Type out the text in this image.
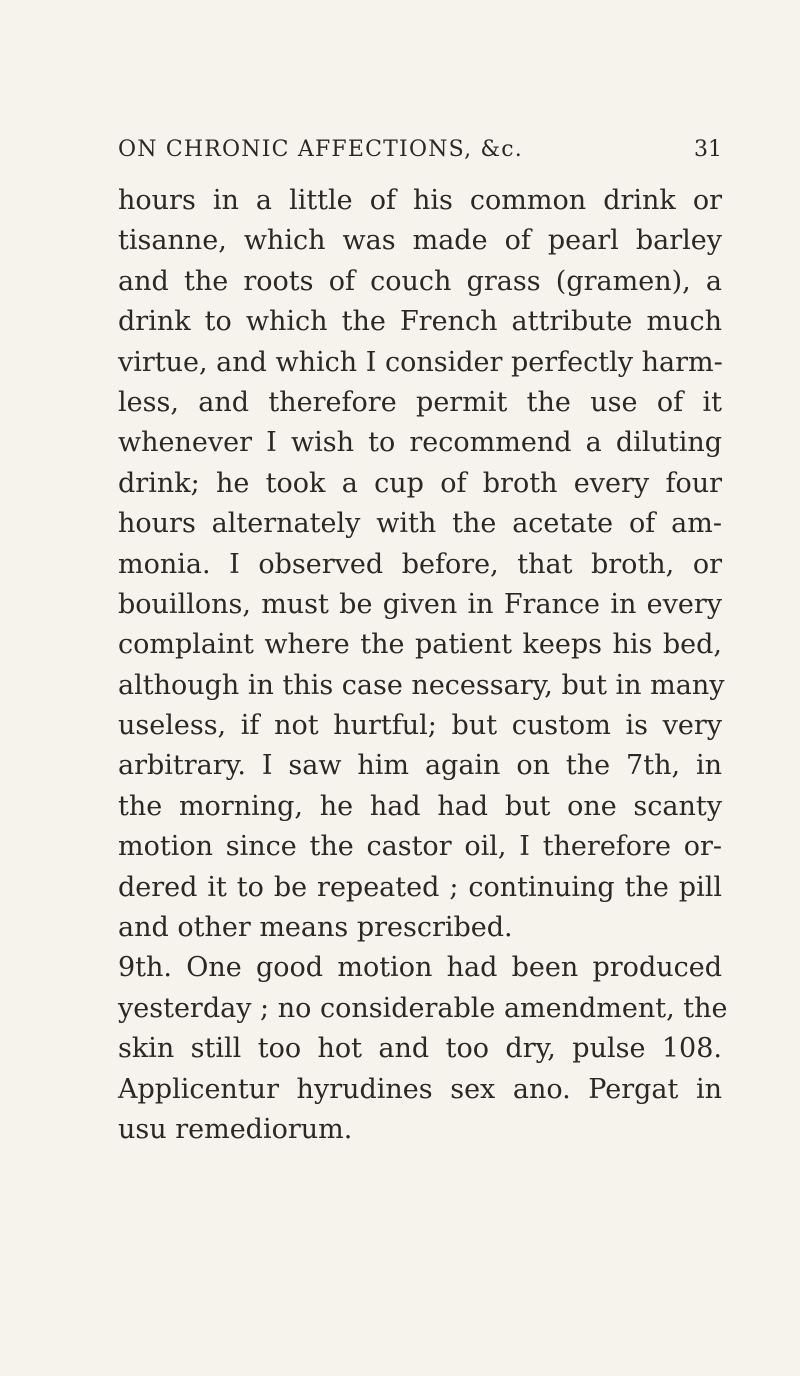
ON CHRONIC AFFECTIONS, &c.	31
hours in a little of his common drink or
tisanne, which was made of pearl barley
and the roots of couch grass (gramen), a
drink to which the French attribute much
virtue, and which I consider perfectly harm-
less, and therefore permit the use of it
whenever I wish to recommend a diluting
drink; he took a cup of broth every four
hours alternately with the acetate of am-
monia. I observed before, that broth, or
bouillons, must be given in France in every
complaint where the patient keeps his bed,
although in this case necessary, but in many
useless, if not hurtful; but custom is very
arbitrary. I saw him again on the 7th, in
the morning, he had had but one scanty
motion since the castor oil, I therefore or-
dered it to be repeated ; continuing the pill
and other means prescribed.
9th. One good motion had been produced
yesterday ; no considerable amendment, the
skin still too hot and too dry, pulse 108.
Applicentur hyrudines sex ano. Pergat in
usu remediorum.
